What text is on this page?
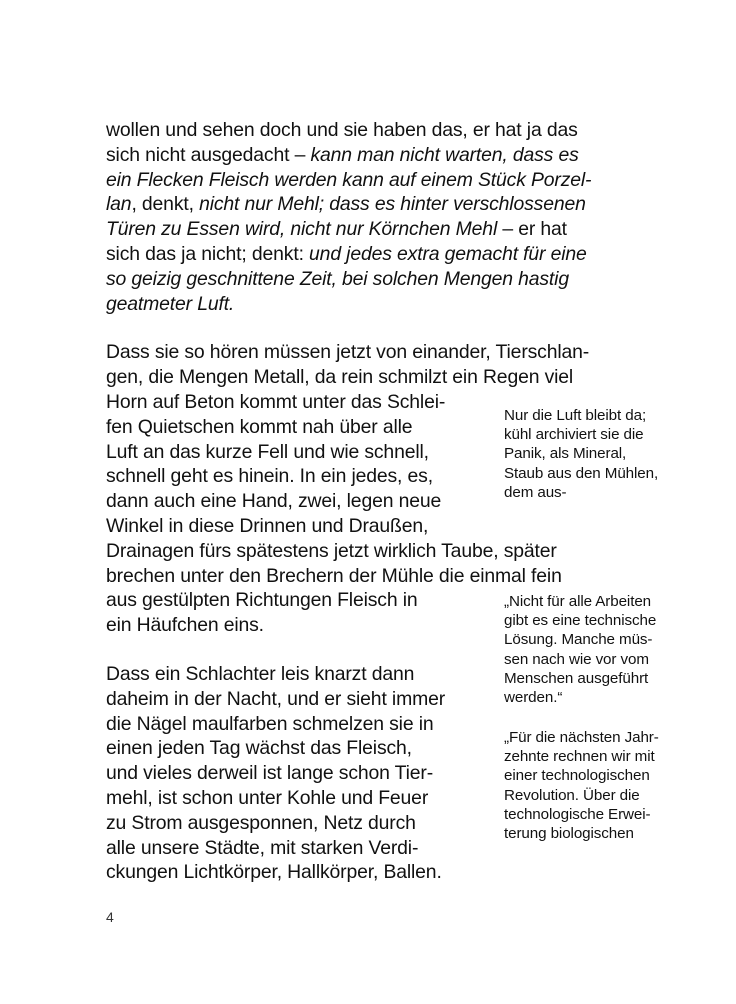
wollen und sehen doch und sie haben das, er hat ja das
sich nicht ausgedacht – kann man nicht warten, dass es
ein Flecken Fleisch werden kann auf einem Stück Porzel-
lan, denkt, nicht nur Mehl; dass es hinter verschlossenen
Türen zu Essen wird, nicht nur Körnchen Mehl – er hat
sich das ja nicht; denkt: und jedes extra gemacht für eine
so geizig geschnittene Zeit, bei solchen Mengen hastig
geatmeter Luft.
Dass sie so hören müssen jetzt von einander, Tierschlan-
gen, die Mengen Metall, da rein schmilzt ein Regen viel
Horn auf Beton kommt unter das Schlei-
fen Quietschen kommt nah über alle
Luft an das kurze Fell und wie schnell,
schnell geht es hinein. In ein jedes, es,
dann auch eine Hand, zwei, legen neue
Winkel in diese Drinnen und Draußen,
Drainagen fürs spätestens jetzt wirklich Taube, später
brechen unter den Brechern der Mühle die einmal fein
aus gestülpten Richtungen Fleisch in
ein Häufchen eins.
Dass ein Schlachter leis knarzt dann
daheim in der Nacht, und er sieht immer
die Nägel maulfarben schmelzen sie in
einen jeden Tag wächst das Fleisch,
und vieles derweil ist lange schon Tier-
mehl, ist schon unter Kohle und Feuer
zu Strom ausgesponnen, Netz durch
alle unsere Städte, mit starken Verdi-
ckungen Lichtkörper, Hallkörper, Ballen.
Nur die Luft bleibt da;
kühl archiviert sie die
Panik, als Mineral,
Staub aus den Mühlen,
dem aus-
„Nicht für alle Arbeiten
gibt es eine technische
Lösung. Manche müs-
sen nach wie vor vom
Menschen ausgeführt
werden.“
„Für die nächsten Jahr-
zehnte rechnen wir mit
einer technologischen
Revolution. Über die
technologische Erwei-
terung biologischen
4
